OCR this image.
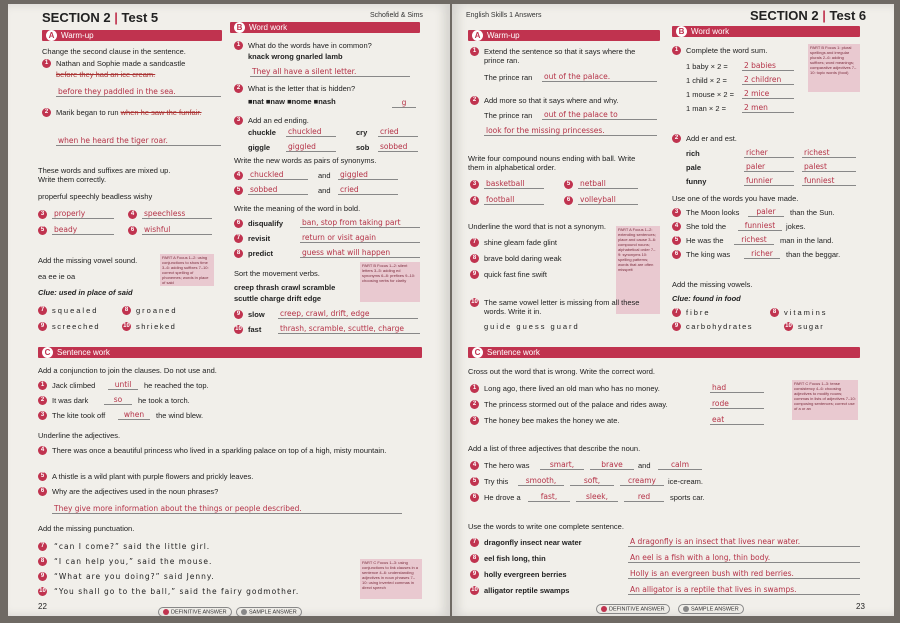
SECTION 2 | Test 5	Schofield & Sims
A Warm-up
Change the second clause in the sentence.
1	Nathan and Sophie made a sandcastle
before they had an ice cream.
before they paddled in the sea.
2	Marik began to run when he saw the funfair.
when he heard the tiger roar.
These words and suffixes are mixed up. Write them correctly.
properful speechly beadless wishy
3	properly	4	speechless
5	beady	6	wishful
Add the missing vowel sound.	PART A Focus 1–2: using conjunctions to show time 3–6: adding suffixes 7–10: correct spelling of phonemes; words in place of said
ea ee ie oa
Clue: used in place of said
7	squealed	8	groaned
9	screeched	10 shrieked
B Word work
1	What do the words have in common?
knack wrong gnarled lamb
They all have a silent letter.
2	What is the letter that is hidden?
■nat ■naw ■nome ■nash	g
3	Add an ed ending.
chuckle chuckled	cry cried
giggle giggled	sob sobbed
Write the new words as pairs of synonyms.
4	chuckled	and giggled
5	sobbed	and cried
Write the meaning of the word in bold.
6	disqualify	ban, stop from taking part
7	revisit	return or visit again
8	predict	guess what will happen
Sort the movement verbs.
PART B Focus 1–2: silent letters 3–5: adding ed synonyms 6–8: prefixes 9–10: choosing verbs for clarity
creep thrash crawl scramble
scuttle charge drift edge
9	slow creep, crawl, drift, edge
10 fast thrash, scramble, scuttle, charge
C Sentence work
Add a conjunction to join the clauses. Do not use and.
1	Jack climbed	until	he reached the top.
2	It was dark	so	he took a torch.
3	The kite took off	when	the wind blew.
Underline the adjectives.
4	There was once a beautiful princess who lived in a sparkling palace on top of a high, misty mountain.
5	A thistle is a wild plant with purple flowers and prickly leaves.
6	Why are the adjectives used in the noun phrases?
They give more information about the things or people described.
Add the missing punctuation.
7	“can I come?” said the little girl.
8	“I can help you,” said the mouse.
9	“What are you doing?” said Jenny.
10 “You shall go to the ball,” said the fairy godmother.
PART C Focus 1–3: using conjunctions to link clauses in a sentence 4–6: understanding adjectives in noun phrases 7–10: using inverted commas in direct speech
22
DEFINITIVE ANSWER	SAMPLE ANSWER
English Skills 1 Answers	SECTION 2 | Test 6
A Warm-up
1	Extend the sentence so that it says where the prince ran.
The prince ran out of the palace.
2	Add more so that it says where and why.
The prince ran out of the palace to
look for the missing princesses.
Write four compound nouns ending with ball. Write them in alphabetical order.
3	basketball	5	netball
4	football	6	volleyball
Underline the word that is not a synonym.	PART A Focus 1–2: extending sentences; place and cause 3–6: compound nouns; alphabetical order 7–9: synonyms 10: spelling patterns; words that are often misspelt
7	shine gleam fade glint
8	brave bold daring weak
9	quick fast fine swift
10 The same vowel letter is missing from all these words. Write it in.
guide guess guard
B Word work
1	Complete the word sum.	PART B Focus 1: plural spellings and irregular plurals 2–6: adding suffixes; word meanings; comparative adjectives 7–10: topic words (food)
1 baby × 2 = 2 babies
1 child × 2 = 2 children
1 mouse × 2 = 2 mice
1 man × 2 = 2 men
2	Add er and est.
rich	richer	richest
pale	paler	palest
funny	funnier	funniest
Use one of the words you have made.
3	The Moon looks	paler	than the Sun.
4	She told the	funniest	jokes.
5	He was the	richest	man in the land.
6	The king was	richer	than the beggar.
Add the missing vowels.
Clue: found in food
7	fibre	8	vitamins
9	carbohydrates	10 sugar
C Sentence work
Cross out the word that is wrong. Write the correct word.
PART C Focus 1–3: tense consistency 4–6: choosing adjectives to modify nouns; commas in lists of adjectives 7–10: composing sentences; correct use of a or an
1	Long ago, there lived an old man who has no money.	had
2	The princess stormed out of the palace and rides away.	rode
3	The honey bee makes the honey we ate.	eat
Add a list of three adjectives that describe the noun.
4	The hero was	smart,	brave	and	calm
5	Try this	smooth,	soft,	creamy	ice-cream.
6	He drove a	fast,	sleek,	red	sports car.
Use the words to write one complete sentence.
7	dragonfly insect near water	A dragonfly is an insect that lives near water.
8	eel fish long, thin	An eel is a fish with a long, thin body.
9	holly evergreen berries	Holly is an evergreen bush with red berries.
10 alligator reptile swamps	An alligator is a reptile that lives in swamps.
DEFINITIVE ANSWER	SAMPLE ANSWER	23
